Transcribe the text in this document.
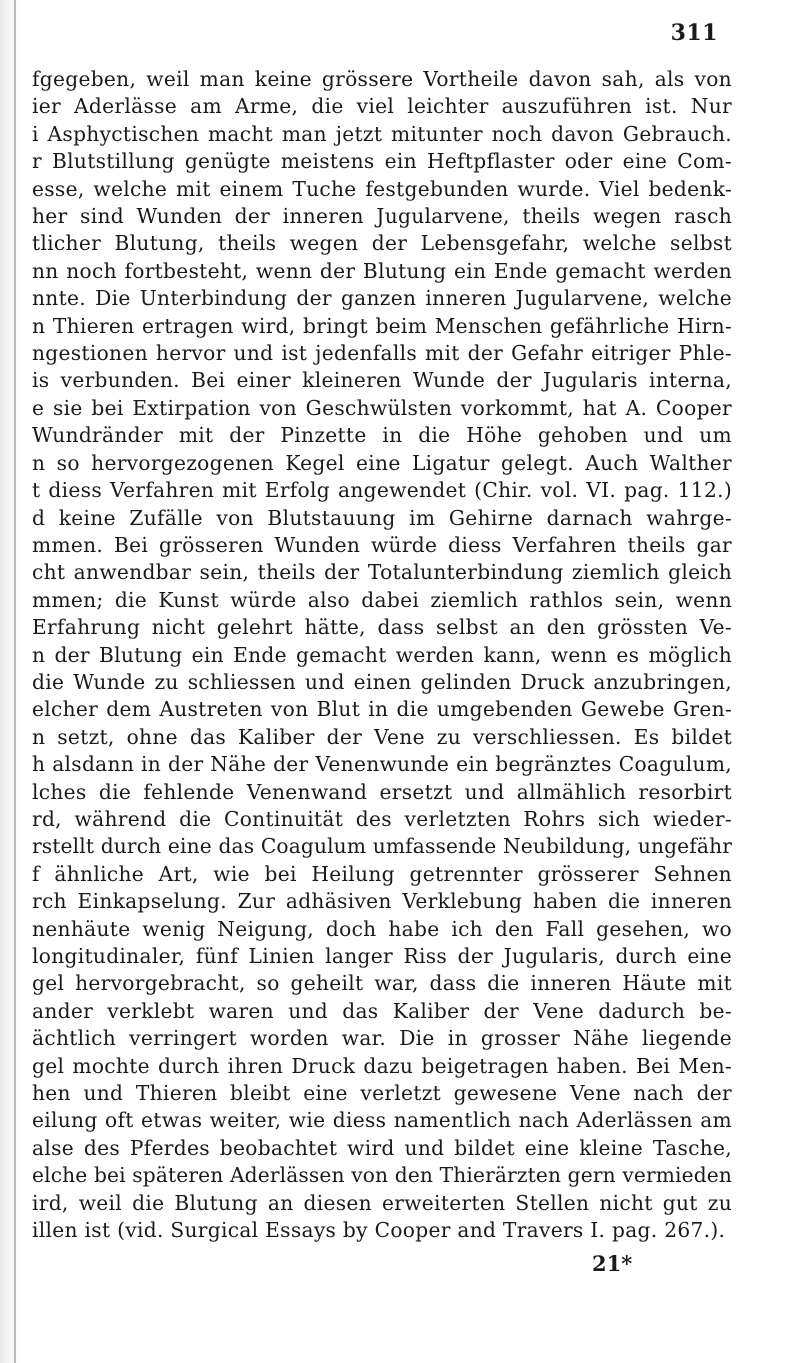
311
fgegeben, weil man keine grössere Vortheile davon sah, als von
ier Aderlässe am Arme, die viel leichter auszuführen ist. Nur
i Asphyctischen macht man jetzt mitunter noch davon Gebrauch.
r Blutstillung genügte meistens ein Heftpflaster oder eine Com-
esse, welche mit einem Tuche festgebunden wurde. Viel bedenk-
her sind Wunden der inneren Jugularvene, theils wegen rasch
tlicher Blutung, theils wegen der Lebensgefahr, welche selbst
nn noch fortbesteht, wenn der Blutung ein Ende gemacht werden
nnte. Die Unterbindung der ganzen inneren Jugularvene, welche
n Thieren ertragen wird, bringt beim Menschen gefährliche Hirn-
ngestionen hervor und ist jedenfalls mit der Gefahr eitriger Phle-
is verbunden. Bei einer kleineren Wunde der Jugularis interna,
e sie bei Extirpation von Geschwülsten vorkommt, hat A. Cooper
Wundränder mit der Pinzette in die Höhe gehoben und um
n so hervorgezogenen Kegel eine Ligatur gelegt. Auch Walther
t diess Verfahren mit Erfolg angewendet (Chir. vol. VI. pag. 112.)
d keine Zufälle von Blutstauung im Gehirne darnach wahrge-
mmen. Bei grösseren Wunden würde diess Verfahren theils gar
cht anwendbar sein, theils der Totalunterbindung ziemlich gleich
mmen; die Kunst würde also dabei ziemlich rathlos sein, wenn
Erfahrung nicht gelehrt hätte, dass selbst an den grössten Ve-
n der Blutung ein Ende gemacht werden kann, wenn es möglich
die Wunde zu schliessen und einen gelinden Druck anzubringen,
elcher dem Austreten von Blut in die umgebenden Gewebe Gren-
n setzt, ohne das Kaliber der Vene zu verschliessen. Es bildet
h alsdann in der Nähe der Venenwunde ein begränztes Coagulum,
lches die fehlende Venenwand ersetzt und allmählich resorbirt
rd, während die Continuität des verletzten Rohrs sich wieder-
rstellt durch eine das Coagulum umfassende Neubildung, ungefähr
f ähnliche Art, wie bei Heilung getrennter grösserer Sehnen
rch Einkapselung. Zur adhäsiven Verklebung haben die inneren
nenhäute wenig Neigung, doch habe ich den Fall gesehen, wo
longitudinaler, fünf Linien langer Riss der Jugularis, durch eine
gel hervorgebracht, so geheilt war, dass die inneren Häute mit
ander verklebt waren und das Kaliber der Vene dadurch be-
ächtlich verringert worden war. Die in grosser Nähe liegende
gel mochte durch ihren Druck dazu beigetragen haben. Bei Men-
hen und Thieren bleibt eine verletzt gewesene Vene nach der
eilung oft etwas weiter, wie diess namentlich nach Aderlässen am
alse des Pferdes beobachtet wird und bildet eine kleine Tasche,
elche bei späteren Aderlässen von den Thierärzten gern vermieden
ird, weil die Blutung an diesen erweiterten Stellen nicht gut zu
illen ist (vid. Surgical Essays by Cooper and Travers I. pag. 267.).
21*
